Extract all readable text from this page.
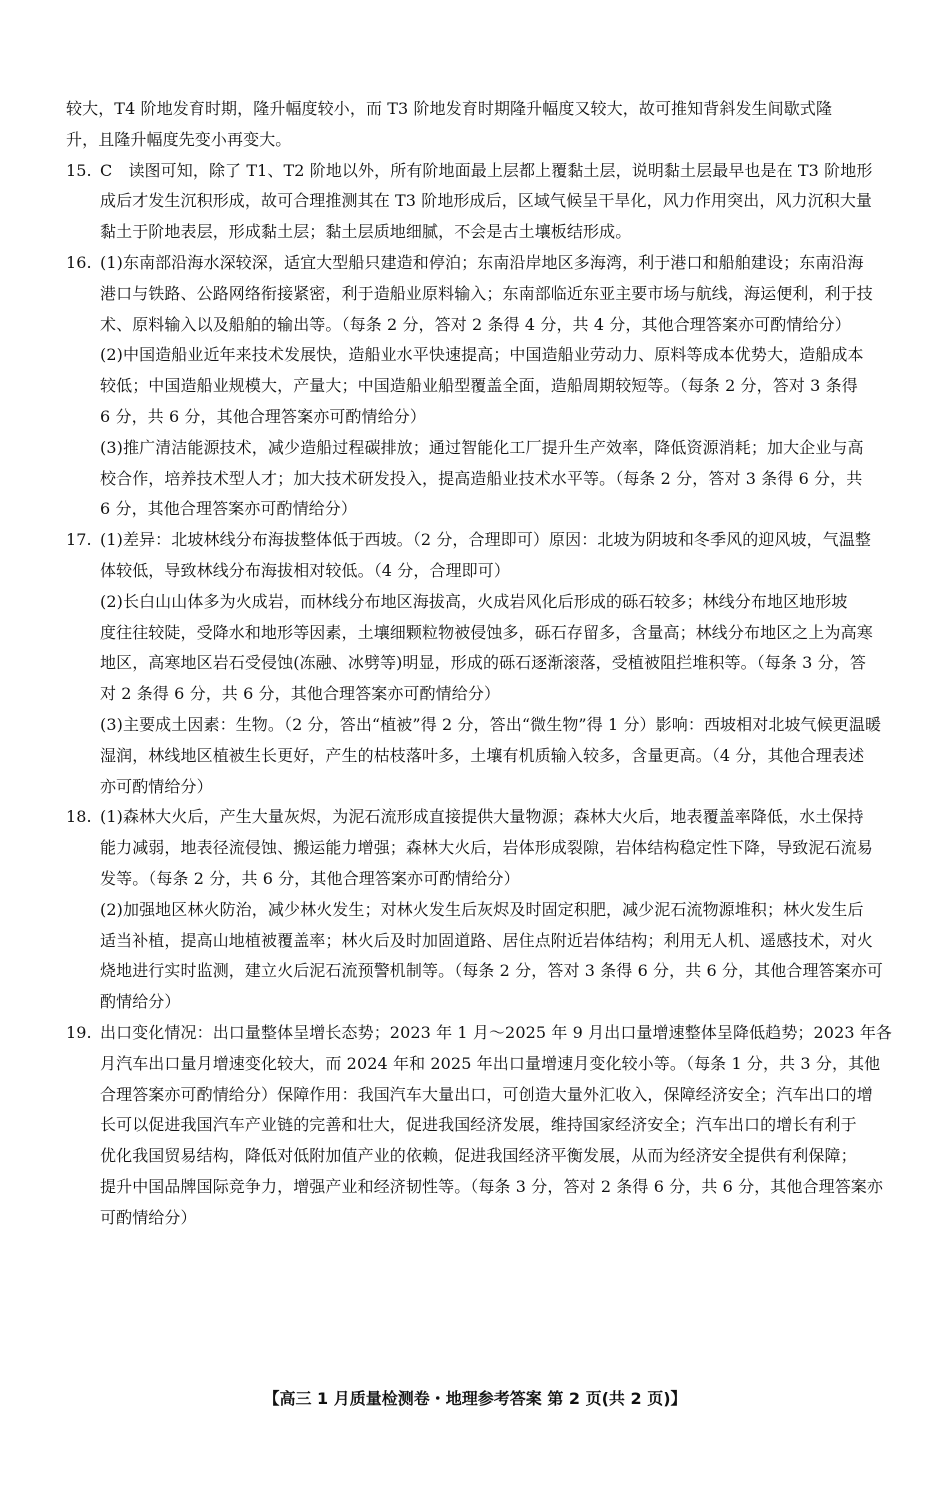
较大，T4 阶地发育时期，隆升幅度较小，而 T3 阶地发育时期隆升幅度又较大，故可推知背斜发生间歇式隆
升，且隆升幅度先变小再变大。
15. C　读图可知，除了 T1、T2 阶地以外，所有阶地面最上层都上覆黏土层，说明黏土层最早也是在 T3 阶地形
成后才发生沉积形成，故可合理推测其在 T3 阶地形成后，区域气候呈干旱化，风力作用突出，风力沉积大量
黏土于阶地表层，形成黏土层；黏土层质地细腻，不会是古土壤板结形成。
16. (1)东南部沿海水深较深，适宜大型船只建造和停泊；东南沿岸地区多海湾，利于港口和船舶建设；东南沿海
港口与铁路、公路网络衔接紧密，利于造船业原料输入；东南部临近东亚主要市场与航线，海运便利，利于技
术、原料输入以及船舶的输出等。（每条 2 分，答对 2 条得 4 分，共 4 分，其他合理答案亦可酌情给分）
(2)中国造船业近年来技术发展快，造船业水平快速提高；中国造船业劳动力、原料等成本优势大，造船成本
较低；中国造船业规模大，产量大；中国造船业船型覆盖全面，造船周期较短等。（每条 2 分，答对 3 条得
6 分，共 6 分，其他合理答案亦可酌情给分）
(3)推广清洁能源技术，减少造船过程碳排放；通过智能化工厂提升生产效率，降低资源消耗；加大企业与高
校合作，培养技术型人才；加大技术研发投入，提高造船业技术水平等。（每条 2 分，答对 3 条得 6 分，共
6 分，其他合理答案亦可酌情给分）
17. (1)差异：北坡林线分布海拔整体低于西坡。（2 分，合理即可）原因：北坡为阴坡和冬季风的迎风坡，气温整
体较低，导致林线分布海拔相对较低。（4 分，合理即可）
(2)长白山山体多为火成岩，而林线分布地区海拔高，火成岩风化后形成的砾石较多；林线分布地区地形坡
度往往较陡，受降水和地形等因素，土壤细颗粒物被侵蚀多，砾石存留多，含量高；林线分布地区之上为高寒
地区，高寒地区岩石受侵蚀(冻融、冰劈等)明显，形成的砾石逐渐滚落，受植被阻拦堆积等。（每条 3 分，答
对 2 条得 6 分，共 6 分，其他合理答案亦可酌情给分）
(3)主要成土因素：生物。（2 分，答出“植被”得 2 分，答出“微生物”得 1 分）影响：西坡相对北坡气候更温暖
湿润，林线地区植被生长更好，产生的枯枝落叶多，土壤有机质输入较多，含量更高。（4 分，其他合理表述
亦可酌情给分）
18. (1)森林大火后，产生大量灰烬，为泥石流形成直接提供大量物源；森林大火后，地表覆盖率降低，水土保持
能力减弱，地表径流侵蚀、搬运能力增强；森林大火后，岩体形成裂隙，岩体结构稳定性下降，导致泥石流易
发等。（每条 2 分，共 6 分，其他合理答案亦可酌情给分）
(2)加强地区林火防治，减少林火发生；对林火发生后灰烬及时固定积肥，减少泥石流物源堆积；林火发生后
适当补植，提高山地植被覆盖率；林火后及时加固道路、居住点附近岩体结构；利用无人机、遥感技术，对火
烧地进行实时监测，建立火后泥石流预警机制等。（每条 2 分，答对 3 条得 6 分，共 6 分，其他合理答案亦可
酌情给分）
19. 出口变化情况：出口量整体呈增长态势；2023 年 1 月～2025 年 9 月出口量增速整体呈降低趋势；2023 年各
月汽车出口量月增速变化较大，而 2024 年和 2025 年出口量增速月变化较小等。（每条 1 分，共 3 分，其他
合理答案亦可酌情给分）保障作用：我国汽车大量出口，可创造大量外汇收入，保障经济安全；汽车出口的增
长可以促进我国汽车产业链的完善和壮大，促进我国经济发展，维持国家经济安全；汽车出口的增长有利于
优化我国贸易结构，降低对低附加值产业的依赖，促进我国经济平衡发展，从而为经济安全提供有利保障；
提升中国品牌国际竞争力，增强产业和经济韧性等。（每条 3 分，答对 2 条得 6 分，共 6 分，其他合理答案亦
可酌情给分）
【高三 1 月质量检测卷・地理参考答案 第 2 页(共 2 页)】
